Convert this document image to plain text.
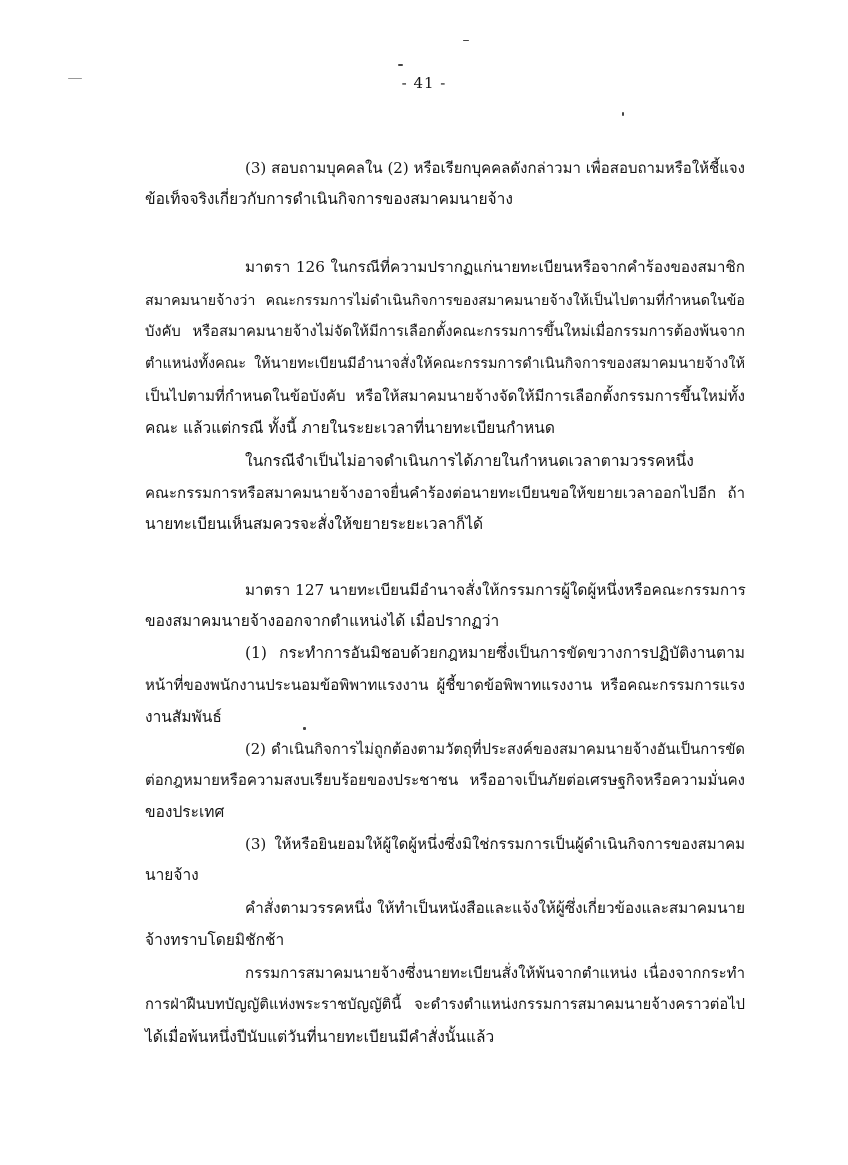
- 41 -
(3) สอบถามบุคคลใน (2) หรือเรียกบุคคลดังกล่าวมา เพื่อสอบถามหรือให้ชี้แจง
ข้อเท็จจริงเกี่ยวกับการดำเนินกิจการของสมาคมนายจ้าง
มาตรา 126 ในกรณีที่ความปรากฏแก่นายทะเบียนหรือจากคำร้องของสมาชิก
สมาคมนายจ้างว่า คณะกรรมการไม่ดำเนินกิจการของสมาคมนายจ้างให้เป็นไปตามที่กำหนดในข้อ
บังคับ หรือสมาคมนายจ้างไม่จัดให้มีการเลือกตั้งคณะกรรมการขึ้นใหม่เมื่อกรรมการต้องพ้นจาก
ตำแหน่งทั้งคณะ ให้นายทะเบียนมีอำนาจสั่งให้คณะกรรมการดำเนินกิจการของสมาคมนายจ้างให้
เป็นไปตามที่กำหนดในข้อบังคับ หรือให้สมาคมนายจ้างจัดให้มีการเลือกตั้งกรรมการขึ้นใหม่ทั้ง
คณะ แล้วแต่กรณี ทั้งนี้ ภายในระยะเวลาที่นายทะเบียนกำหนด
ในกรณีจำเป็นไม่อาจดำเนินการได้ภายในกำหนดเวลาตามวรรคหนึ่ง
คณะกรรมการหรือสมาคมนายจ้างอาจยื่นคำร้องต่อนายทะเบียนขอให้ขยายเวลาออกไปอีก ถ้า
นายทะเบียนเห็นสมควรจะสั่งให้ขยายระยะเวลาก็ได้
มาตรา 127 นายทะเบียนมีอำนาจสั่งให้กรรมการผู้ใดผู้หนึ่งหรือคณะกรรมการ
ของสมาคมนายจ้างออกจากตำแหน่งได้ เมื่อปรากฏว่า
(1) กระทำการอันมิชอบด้วยกฎหมายซึ่งเป็นการขัดขวางการปฏิบัติงานตาม
หน้าที่ของพนักงานประนอมข้อพิพาทแรงงาน ผู้ชี้ขาดข้อพิพาทแรงงาน หรือคณะกรรมการแรง
งานสัมพันธ์
(2) ดำเนินกิจการไม่ถูกต้องตามวัตถุที่ประสงค์ของสมาคมนายจ้างอันเป็นการขัด
ต่อกฎหมายหรือความสงบเรียบร้อยของประชาชน หรืออาจเป็นภัยต่อเศรษฐกิจหรือความมั่นคง
ของประเทศ
(3) ให้หรือยินยอมให้ผู้ใดผู้หนึ่งซึ่งมิใช่กรรมการเป็นผู้ดำเนินกิจการของสมาคม
นายจ้าง
คำสั่งตามวรรคหนึ่ง ให้ทำเป็นหนังสือและแจ้งให้ผู้ซึ่งเกี่ยวข้องและสมาคมนาย
จ้างทราบโดยมิชักช้า
กรรมการสมาคมนายจ้างซึ่งนายทะเบียนสั่งให้พ้นจากตำแหน่ง เนื่องจากกระทำ
การฝ่าฝืนบทบัญญัติแห่งพระราชบัญญัตินี้ จะดำรงตำแหน่งกรรมการสมาคมนายจ้างคราวต่อไป
ได้เมื่อพ้นหนึ่งปีนับแต่วันที่นายทะเบียนมีคำสั่งนั้นแล้ว
